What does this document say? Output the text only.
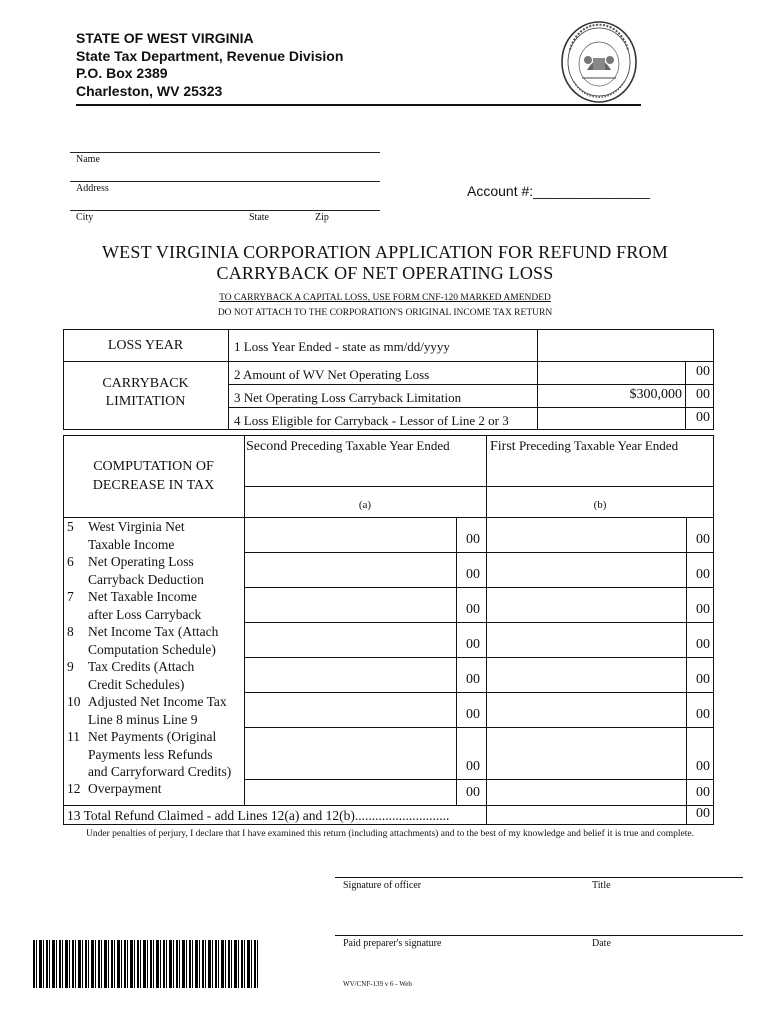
STATE OF WEST VIRGINIA
State Tax Department, Revenue Division
P.O. Box 2389
Charleston, WV 25323
Name
Address
City	State	Zip
Account #:_______________
WEST VIRGINIA CORPORATION APPLICATION FOR REFUND FROM
CARRYBACK OF NET OPERATING LOSS
TO CARRYBACK A CAPITAL LOSS, USE FORM CNF-120 MARKED AMENDED
DO NOT ATTACH TO THE CORPORATION'S ORIGINAL INCOME TAX RETURN
LOSS YEAR	1 Loss Year Ended - state as mm/dd/yyyy
CARRYBACK
LIMITATION
2 Amount of WV Net Operating Loss	00
3 Net Operating Loss Carryback Limitation	$300,000	00
4 Loss Eligible for Carryback - Lessor of Line 2 or 3	00
COMPUTATION OF
DECREASE IN TAX
Second Preceding Taxable Year Ended	First Preceding Taxable Year Ended
(a)	(b)
5 West Virginia Net
Taxable Income	00	00
6 Net Operating Loss
Carryback Deduction	00	00
7 Net Taxable Income
after Loss Carryback	00	00
8 Net Income Tax (Attach
Computation Schedule)	00	00
9 Tax Credits (Attach
Credit Schedules)	00	00
10 Adjusted Net Income Tax
Line 8 minus Line 9	00	00
11 Net Payments (Original
Payments less Refunds
and Carryforward Credits)	00	00
12 Overpayment	00	00
13 Total Refund Claimed - add Lines 12(a) and 12(b)............................	00
Under penalties of perjury, I declare that I have examined this return (including attachments) and to the best of my knowledge and belief it is true and complete.
Signature of officer	Title
Paid preparer's signature	Date
WV/CNF-139 v 6 - Web
